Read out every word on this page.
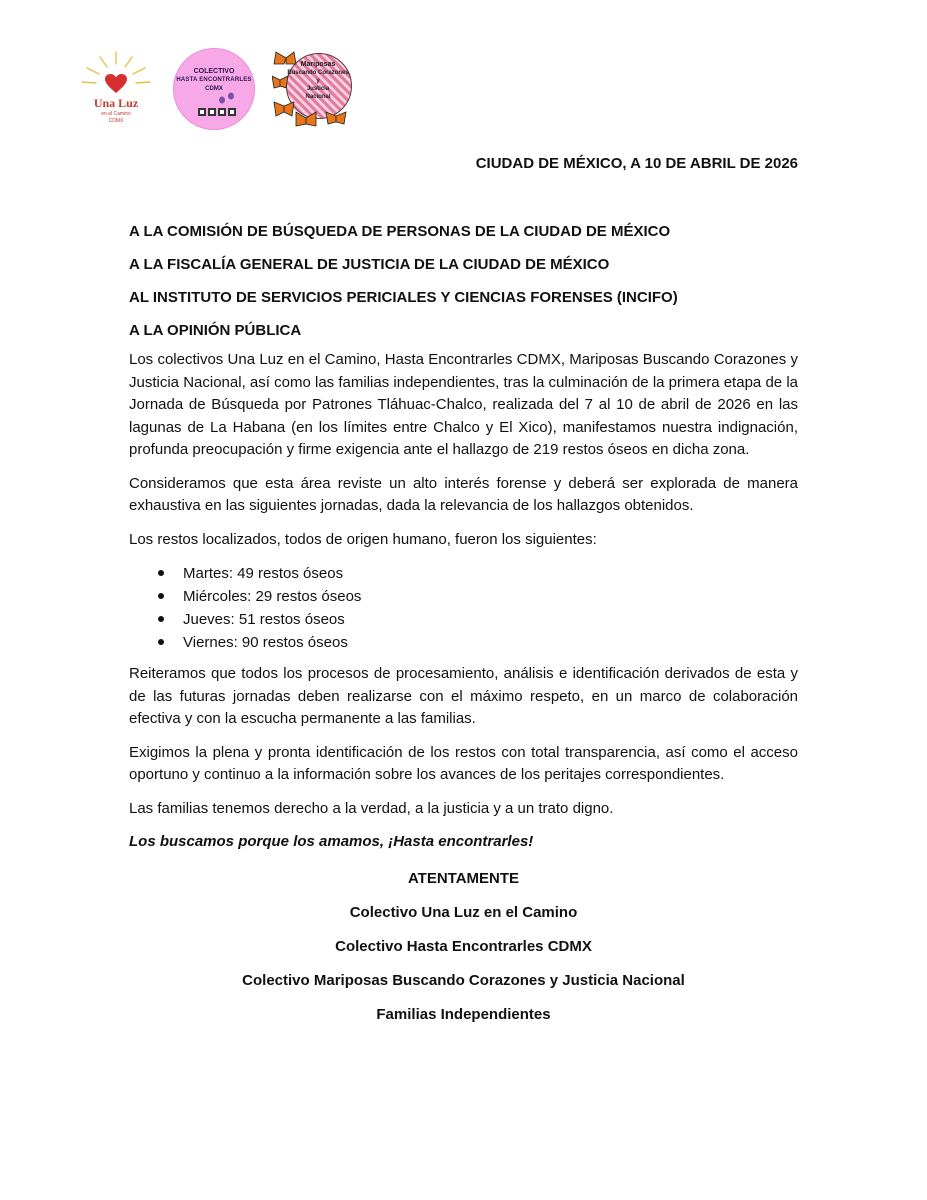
Una Luz
en el Camino
CDMX
COLECTIVO
HASTA ENCONTRARLES
CDMX
Mariposas
Buscando Corazones
y
Justicia
Nacional

CIUDAD DE MÉXICO, A 10 DE ABRIL DE 2026

A LA COMISIÓN DE BÚSQUEDA DE PERSONAS DE LA CIUDAD DE MÉXICO

A LA FISCALÍA GENERAL DE JUSTICIA DE LA CIUDAD DE MÉXICO

AL INSTITUTO DE SERVICIOS PERICIALES Y CIENCIAS FORENSES (INCIFO)

A LA OPINIÓN PÚBLICA

Los colectivos Una Luz en el Camino, Hasta Encontrarles CDMX, Mariposas Buscando Corazones y Justicia Nacional, así como las familias independientes, tras la culminación de la primera etapa de la Jornada de Búsqueda por Patrones Tláhuac-Chalco, realizada del 7 al 10 de abril de 2026 en las lagunas de La Habana (en los límites entre Chalco y El Xico), manifestamos nuestra indignación, profunda preocupación y firme exigencia ante el hallazgo de 219 restos óseos en dicha zona.

Consideramos que esta área reviste un alto interés forense y deberá ser explorada de manera exhaustiva en las siguientes jornadas, dada la relevancia de los hallazgos obtenidos.

Los restos localizados, todos de origen humano, fueron los siguientes:

Martes: 49 restos óseos
Miércoles: 29 restos óseos
Jueves: 51 restos óseos
Viernes: 90 restos óseos

Reiteramos que todos los procesos de procesamiento, análisis e identificación derivados de esta y de las futuras jornadas deben realizarse con el máximo respeto, en un marco de colaboración efectiva y con la escucha permanente a las familias.

Exigimos la plena y pronta identificación de los restos con total transparencia, así como el acceso oportuno y continuo a la información sobre los avances de los peritajes correspondientes.

Las familias tenemos derecho a la verdad, a la justicia y a un trato digno.

Los buscamos porque los amamos, ¡Hasta encontrarles!

ATENTAMENTE

Colectivo Una Luz en el Camino

Colectivo Hasta Encontrarles CDMX

Colectivo Mariposas Buscando Corazones y Justicia Nacional

Familias Independientes
